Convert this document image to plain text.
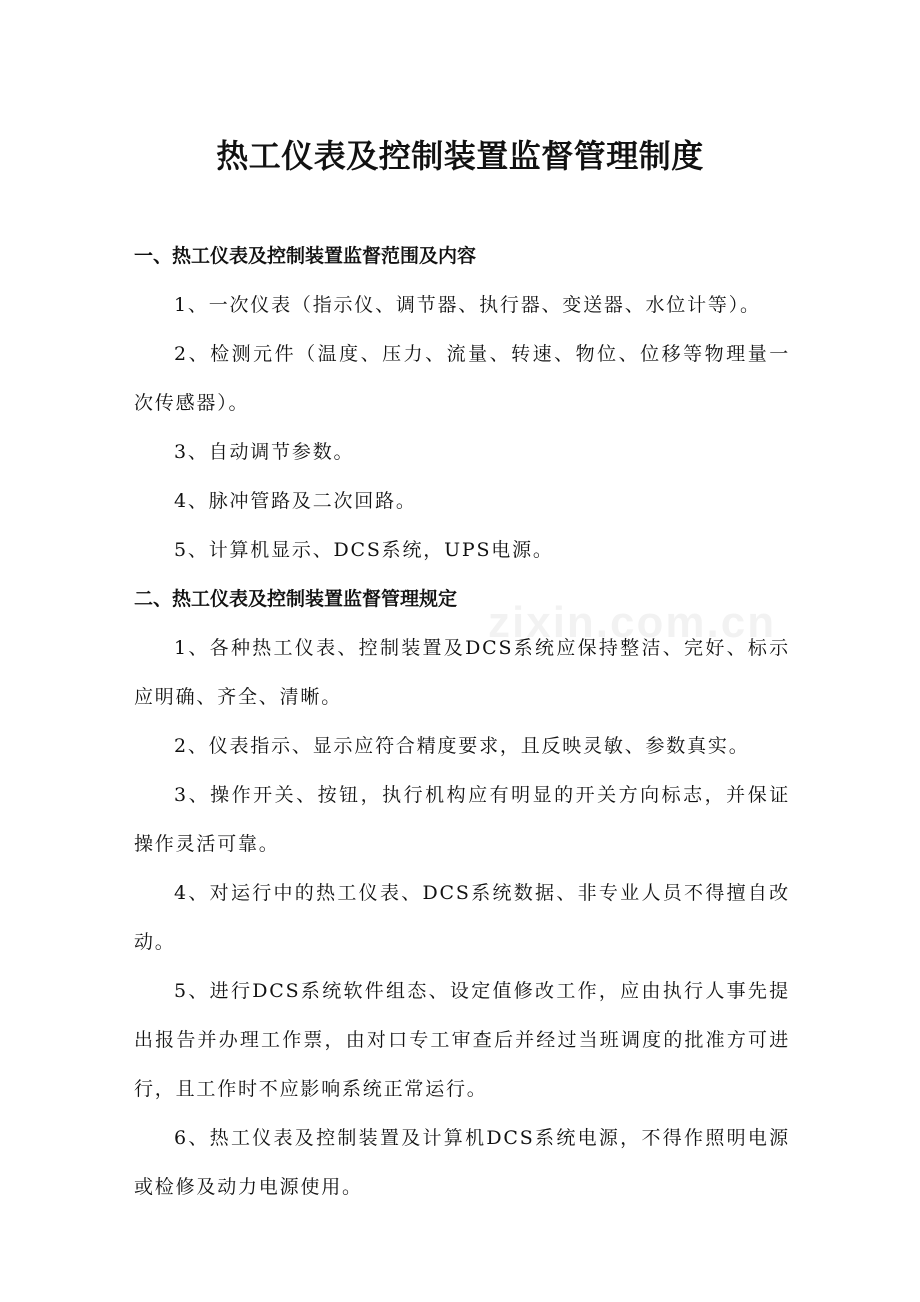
热工仪表及控制装置监督管理制度

一、热工仪表及控制装置监督范围及内容

1、一次仪表（指示仪、调节器、执行器、变送器、水位计等）。

2、检测元件（温度、压力、流量、转速、物位、位移等物理量一次传感器）。

3、自动调节参数。

4、脉冲管路及二次回路。

5、计算机显示、DCS系统，UPS电源。

二、热工仪表及控制装置监督管理规定

1、各种热工仪表、控制装置及DCS系统应保持整洁、完好、标示应明确、齐全、清晰。

2、仪表指示、显示应符合精度要求，且反映灵敏、参数真实。

3、操作开关、按钮，执行机构应有明显的开关方向标志，并保证操作灵活可靠。

4、对运行中的热工仪表、DCS系统数据、非专业人员不得擅自改动。

5、进行DCS系统软件组态、设定值修改工作，应由执行人事先提出报告并办理工作票，由对口专工审查后并经过当班调度的批准方可进行，且工作时不应影响系统正常运行。

6、热工仪表及控制装置及计算机DCS系统电源，不得作照明电源或检修及动力电源使用。

zixin.com.cn
